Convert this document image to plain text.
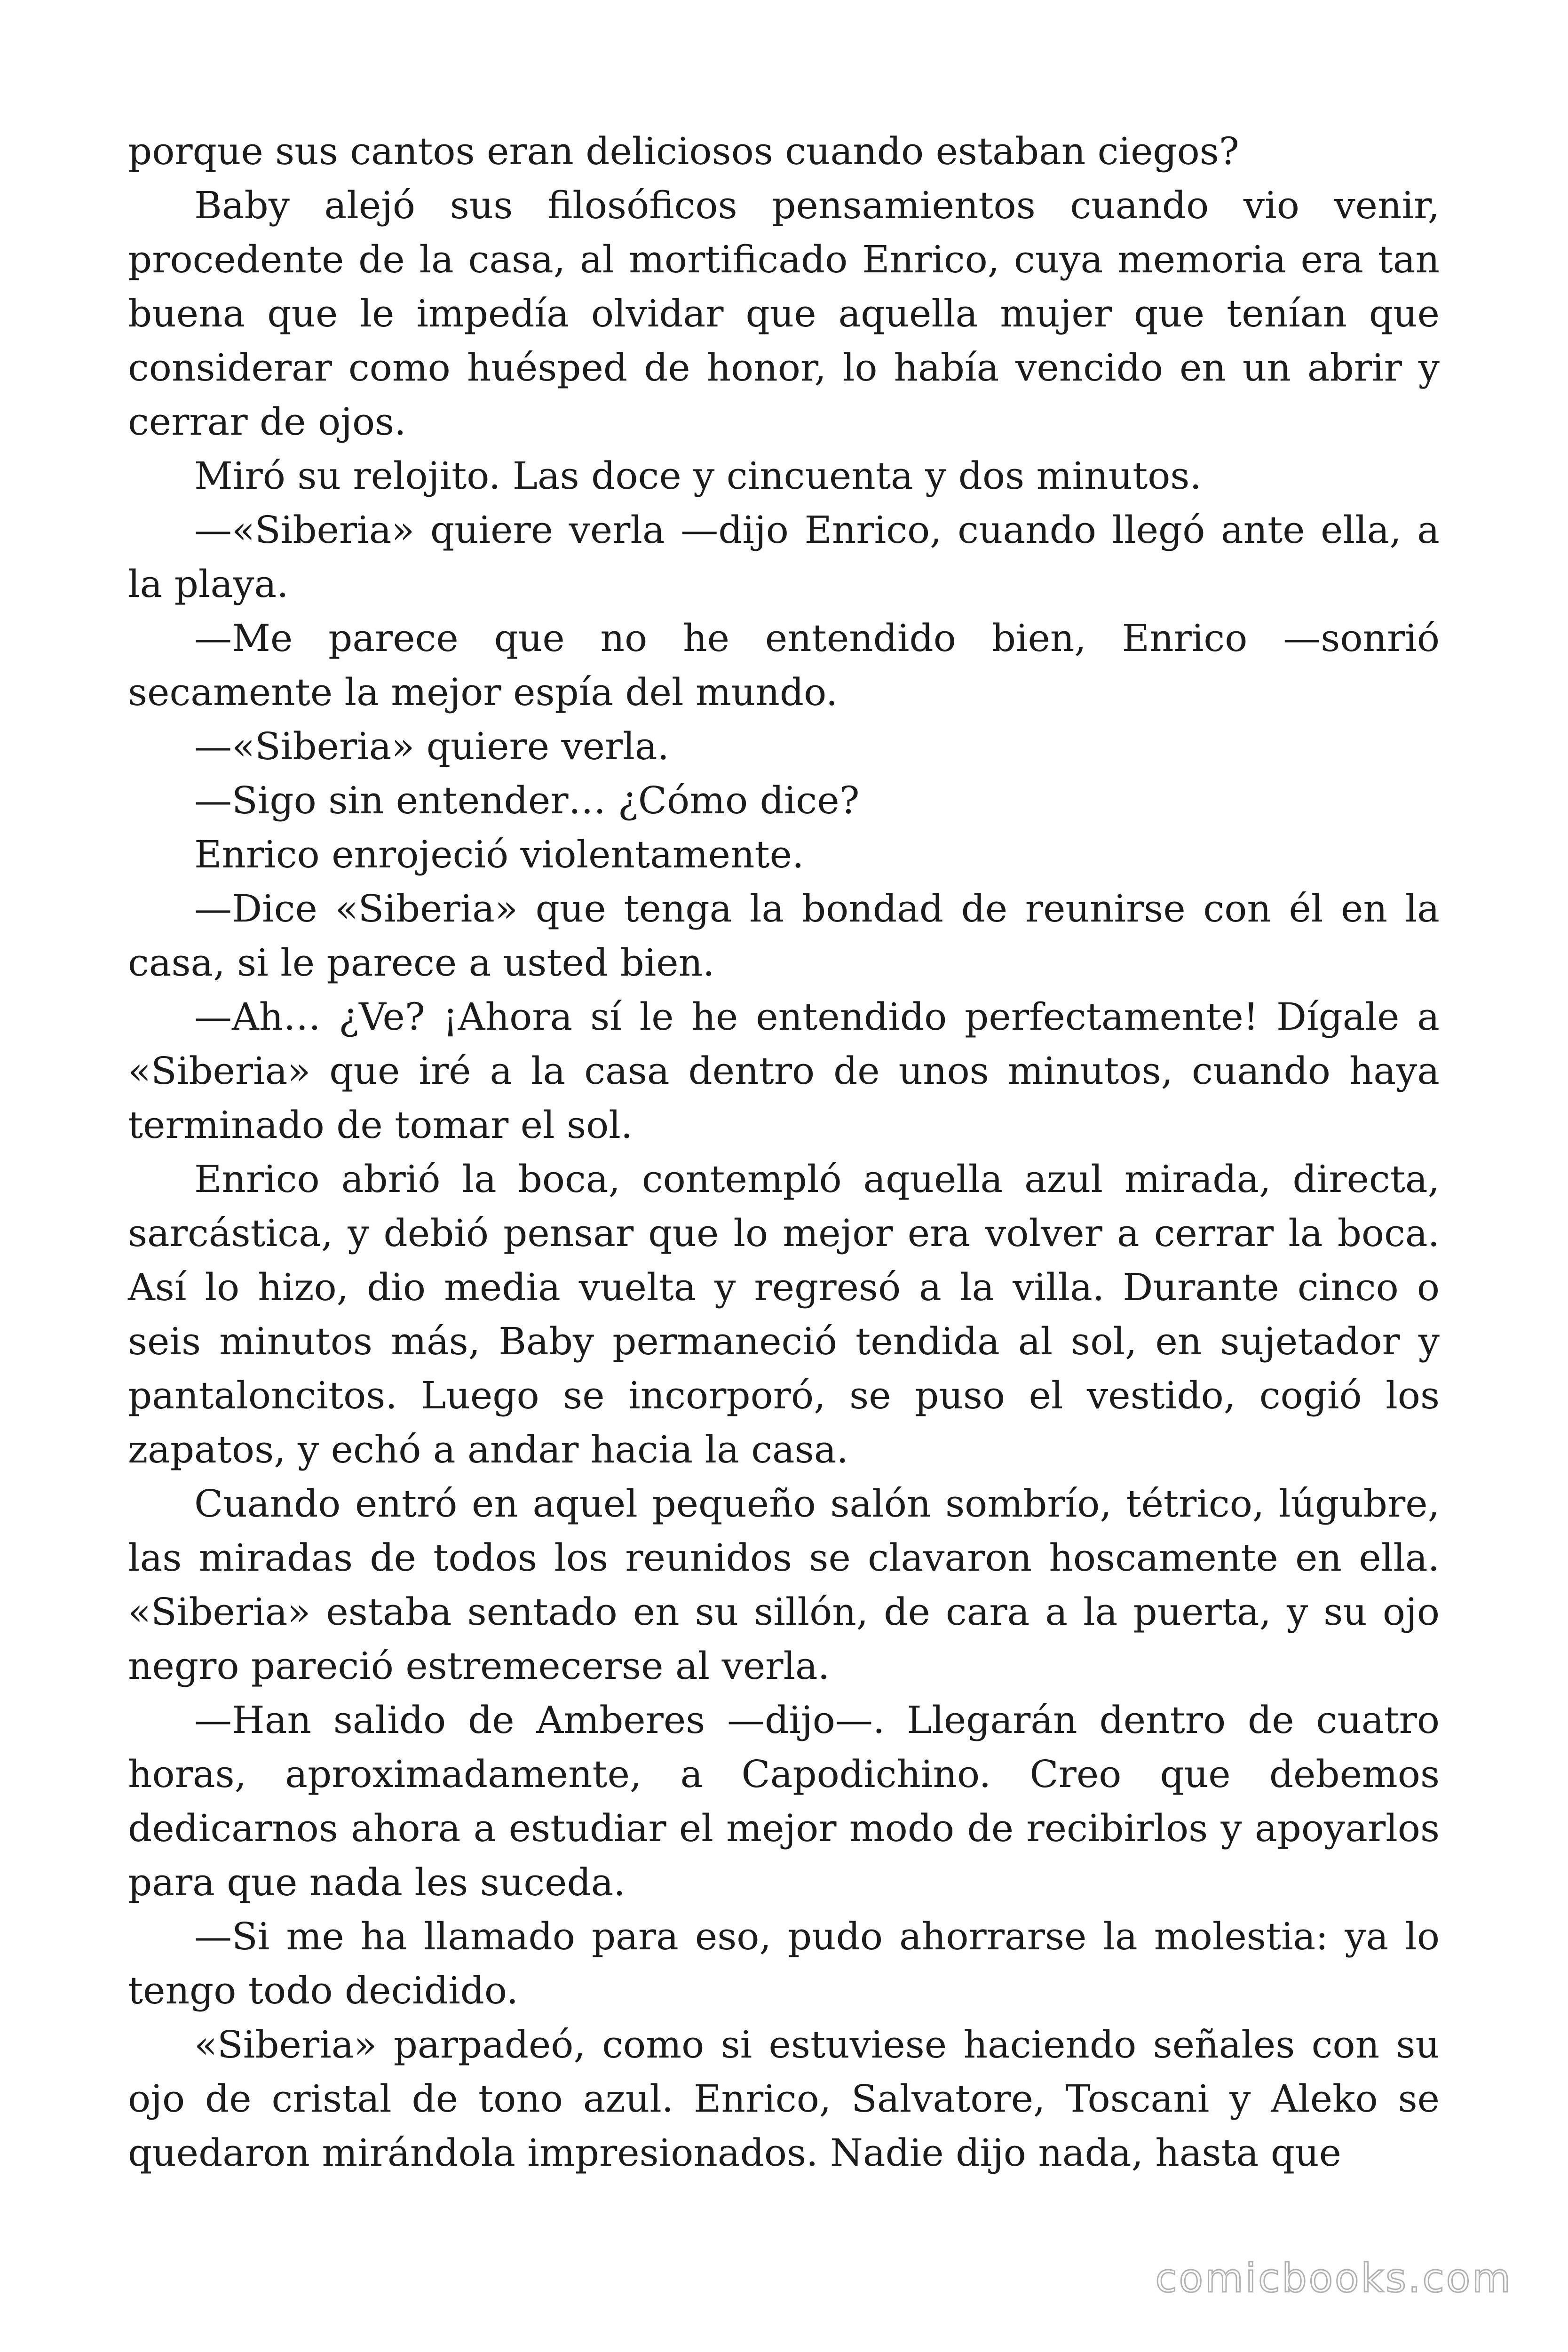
porque sus cantos eran deliciosos cuando estaban ciegos?

Baby alejó sus filosóficos pensamientos cuando vio venir, procedente de la casa, al mortificado Enrico, cuya memoria era tan buena que le impedía olvidar que aquella mujer que tenían que considerar como huésped de honor, lo había vencido en un abrir y cerrar de ojos.

Miró su relojito. Las doce y cincuenta y dos minutos.

—«Siberia» quiere verla —dijo Enrico, cuando llegó ante ella, a la playa.

—Me parece que no he entendido bien, Enrico —sonrió secamente la mejor espía del mundo.

—«Siberia» quiere verla.

—Sigo sin entender… ¿Cómo dice?

Enrico enrojeció violentamente.

—Dice «Siberia» que tenga la bondad de reunirse con él en la casa, si le parece a usted bien.

—Ah… ¿Ve? ¡Ahora sí le he entendido perfectamente! Dígale a «Siberia» que iré a la casa dentro de unos minutos, cuando haya terminado de tomar el sol.

Enrico abrió la boca, contempló aquella azul mirada, directa, sarcástica, y debió pensar que lo mejor era volver a cerrar la boca. Así lo hizo, dio media vuelta y regresó a la villa. Durante cinco o seis minutos más, Baby permaneció tendida al sol, en sujetador y pantaloncitos. Luego se incorporó, se puso el vestido, cogió los zapatos, y echó a andar hacia la casa.

Cuando entró en aquel pequeño salón sombrío, tétrico, lúgubre, las miradas de todos los reunidos se clavaron hoscamente en ella. «Siberia» estaba sentado en su sillón, de cara a la puerta, y su ojo negro pareció estremecerse al verla.

—Han salido de Amberes —dijo—. Llegarán dentro de cuatro horas, aproximadamente, a Capodichino. Creo que debemos dedicarnos ahora a estudiar el mejor modo de recibirlos y apoyarlos para que nada les suceda.

—Si me ha llamado para eso, pudo ahorrarse la molestia: ya lo tengo todo decidido.

«Siberia» parpadeó, como si estuviese haciendo señales con su ojo de cristal de tono azul. Enrico, Salvatore, Toscani y Aleko se quedaron mirándola impresionados. Nadie dijo nada, hasta que

comicbooks.com
